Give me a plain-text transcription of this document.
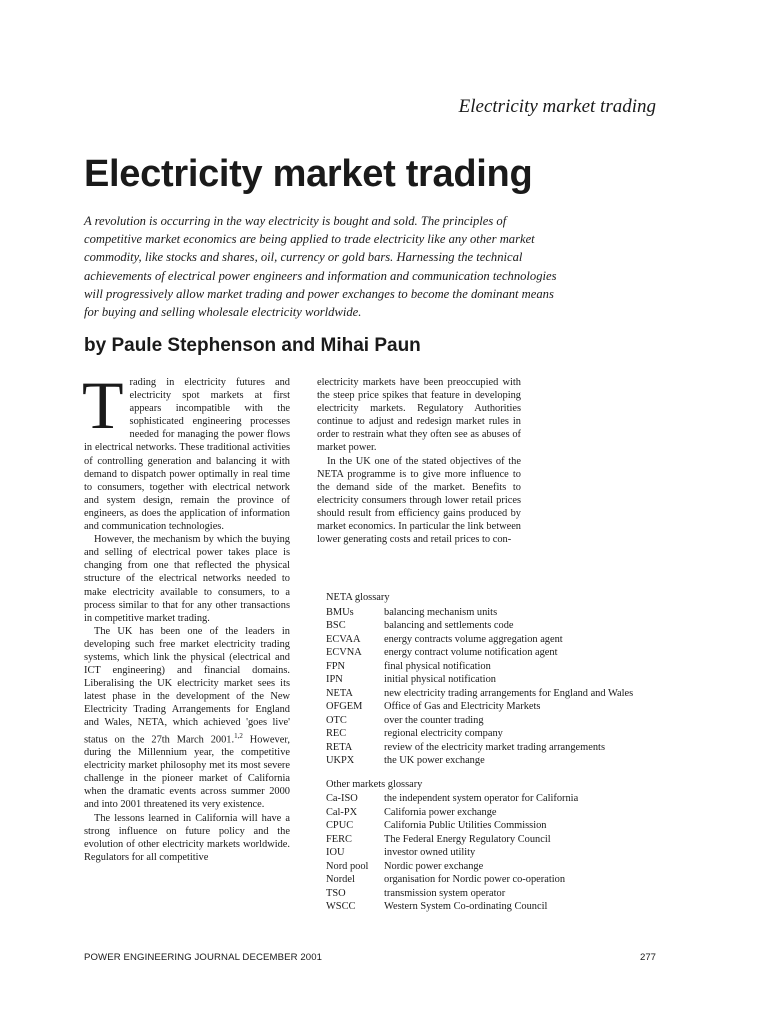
Electricity market trading
Electricity market trading

A revolution is occurring in the way electricity is bought and sold. The principles of competitive market economics are being applied to trade electricity like any other market commodity, like stocks and shares, oil, currency or gold bars. Harnessing the technical achievements of electrical power engineers and information and communication technologies will progressively allow market trading and power exchanges to become the dominant means for buying and selling wholesale electricity worldwide.

by Paule Stephenson and Mihai Paun

Trading in electricity futures and electricity spot markets at first appears incompatible with the sophisticated engineering processes needed for managing the power flows in electrical networks. These traditional activities of controlling generation and balancing it with demand to dispatch power optimally in real time to consumers, together with electrical network and system design, remain the province of engineers, as does the application of information and communication technologies.

However, the mechanism by which the buying and selling of electrical power takes place is changing from one that reflected the physical structure of the electrical networks needed to make electricity available to consumers, to a process similar to that for any other transactions in competitive market trading.

The UK has been one of the leaders in developing such free market electricity trading systems, which link the physical (electrical and ICT engineering) and financial domains. Liberalising the UK electricity market sees its latest phase in the development of the New Electricity Trading Arrangements for England and Wales, NETA, which achieved 'goes live' status on the 27th March 2001.$^{1,2}$ However, during the Millennium year, the competitive electricity market philosophy met its most severe challenge in the pioneer market of California when the dramatic events across summer 2000 and into 2001 threatened its very existence.

The lessons learned in California will have a strong influence on future policy and the evolution of other electricity markets worldwide. Regulators for all competitive

electricity markets have been preoccupied with the steep price spikes that feature in developing electricity markets. Regulatory Authorities continue to adjust and redesign market rules in order to restrain what they often see as abuses of market power.

In the UK one of the stated objectives of the NETA programme is to give more influence to the demand side of the market. Benefits to electricity consumers through lower retail prices should result from efficiency gains produced by market economics. In particular the link between lower generating costs and retail prices to con-

NETA glossary
BMUs	balancing mechanism units
BSC	balancing and settlements code
ECVAA	energy contracts volume aggregation agent
ECVNA	energy contract volume notification agent
FPN	final physical notification
IPN	initial physical notification
NETA	new electricity trading arrangements for England and Wales
OFGEM	Office of Gas and Electricity Markets
OTC	over the counter trading
REC	regional electricity company
RETA	review of the electricity market trading arrangements
UKPX	the UK power exchange
Other markets glossary
Ca-ISO	the independent system operator for California
Cal-PX	California power exchange
CPUC	California Public Utilities Commission
FERC	The Federal Energy Regulatory Council
IOU	investor owned utility
Nord pool	Nordic power exchange
Nordel	organisation for Nordic power co-operation
TSO	transmission system operator
WSCC	Western System Co-ordinating Council
POWER ENGINEERING JOURNAL DECEMBER 2001	277
